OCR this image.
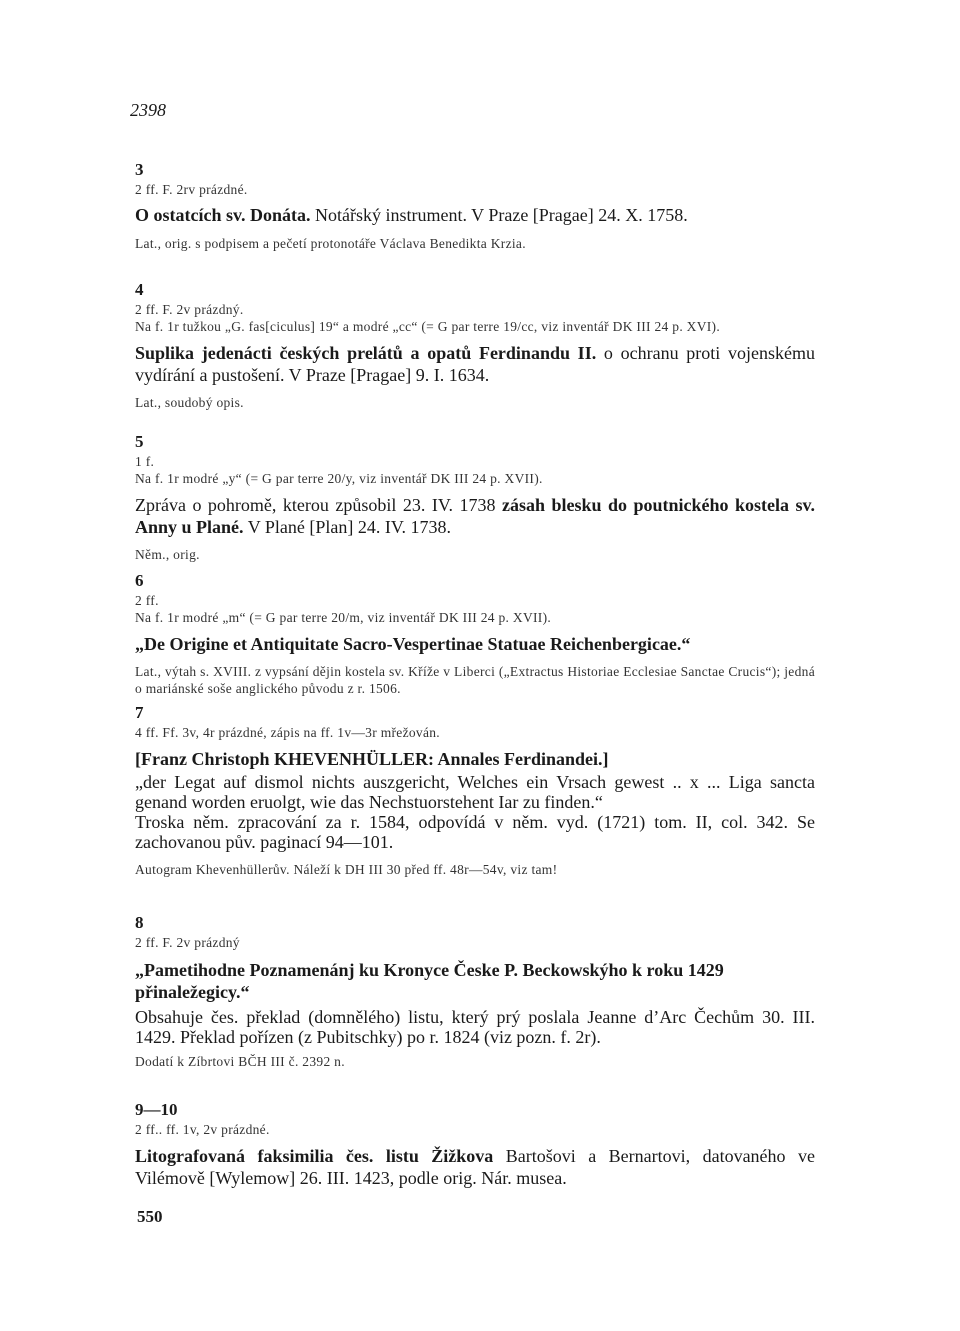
2398
3
2 ff. F. 2rv prázdné.
O ostatcích sv. Donáta. Notářský instrument. V Praze [Pragae] 24. X. 1758.
Lat., orig. s podpisem a pečetí protonotáře Václava Benedikta Krzia.
4
2 ff. F. 2v prázdný.
Na f. 1r tužkou „G. fas[ciculus] 19“ a modré „cc“ (= G par terre 19/cc, viz inventář DK III 24 p. XVI).
Suplika jedenácti českých prelátů a opatů Ferdinandu II. o ochranu proti vojenskému vydírání a pustošení. V Praze [Pragae] 9. I. 1634.
Lat., soudobý opis.
5
1 f.
Na f. 1r modré „y“ (= G par terre 20/y, viz inventář DK III 24 p. XVII).
Zpráva o pohromě, kterou způsobil 23. IV. 1738 zásah blesku do poutnického kostela sv. Anny u Plané. V Plané [Plan] 24. IV. 1738.
Něm., orig.
6
2 ff.
Na f. 1r modré „m“ (= G par terre 20/m, viz inventář DK III 24 p. XVII).
„De Origine et Antiquitate Sacro-Vespertinae Statuae Reichenbergicae.“
Lat., výtah s. XVIII. z vypsání dějin kostela sv. Kříže v Liberci („Extractus Historiae Ecclesiae Sanctae Crucis“); jedná o mariánské soše anglického původu z r. 1506.
7
4 ff. Ff. 3v, 4r prázdné, zápis na ff. 1v—3r mřežován.
[Franz Christoph KHEVENHÜLLER: Annales Ferdinandei.]
„der Legat auf dismol nichts auszgericht, Welches ein Vrsach gewest .. x ... Liga sancta genand worden eruolgt, wie das Nechstuorstehent Iar zu finden.“
Troska něm. zpracování za r. 1584, odpovídá v něm. vyd. (1721) tom. II, col. 342. Se zachovanou pův. paginací 94—101.
Autogram Khevenhüllerův. Náleží k DH III 30 před ff. 48r—54v, viz tam!
8
2 ff. F. 2v prázdný
„Pametihodne Poznamenánj ku Kronyce Česke P. Beckowskýho k roku 1429 přinaležegicy.“
Obsahuje čes. překlad (domnělého) listu, který prý poslala Jeanne d’Arc Čechům 30. III. 1429. Překlad pořízen (z Pubitschky) po r. 1824 (viz pozn. f. 2r).
Dodatí k Zíbrtovi BČH III č. 2392 n.
9—10
2 ff.. ff. 1v, 2v prázdné.
Litografovaná faksimilia čes. listu Žižkova Bartošovi a Bernartovi, datovaného ve Vilémově [Wylemow] 26. III. 1423, podle orig. Nár. musea.
550
